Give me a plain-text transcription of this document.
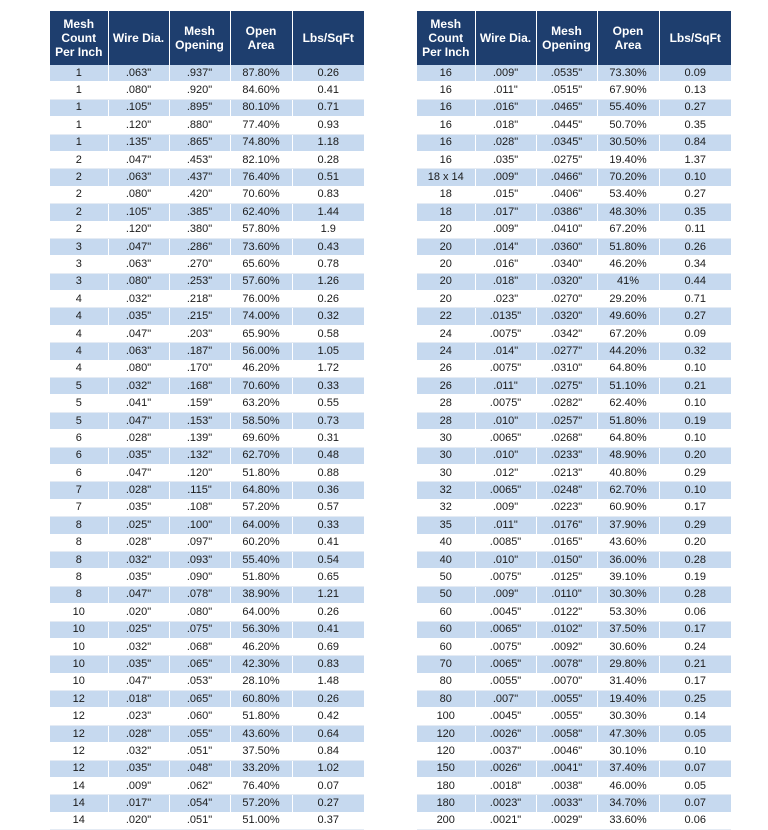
Mesh Count Per Inch	Wire Dia.	Mesh Opening	Open Area	Lbs/SqFt
1	.063"	.937"	87.80%	0.26
1	.080"	.920"	84.60%	0.41
1	.105"	.895"	80.10%	0.71
1	.120"	.880"	77.40%	0.93
1	.135"	.865"	74.80%	1.18
2	.047"	.453"	82.10%	0.28
2	.063"	.437"	76.40%	0.51
2	.080"	.420"	70.60%	0.83
2	.105"	.385"	62.40%	1.44
2	.120"	.380"	57.80%	1.9
3	.047"	.286"	73.60%	0.43
3	.063"	.270"	65.60%	0.78
3	.080"	.253"	57.60%	1.26
4	.032"	.218"	76.00%	0.26
4	.035"	.215"	74.00%	0.32
4	.047"	.203"	65.90%	0.58
4	.063"	.187"	56.00%	1.05
4	.080"	.170"	46.20%	1.72
5	.032"	.168"	70.60%	0.33
5	.041"	.159"	63.20%	0.55
5	.047"	.153"	58.50%	0.73
6	.028"	.139"	69.60%	0.31
6	.035"	.132"	62.70%	0.48
6	.047"	.120"	51.80%	0.88
7	.028"	.115"	64.80%	0.36
7	.035"	.108"	57.20%	0.57
8	.025"	.100"	64.00%	0.33
8	.028"	.097"	60.20%	0.41
8	.032"	.093"	55.40%	0.54
8	.035"	.090"	51.80%	0.65
8	.047"	.078"	38.90%	1.21
10	.020"	.080"	64.00%	0.26
10	.025"	.075"	56.30%	0.41
10	.032"	.068"	46.20%	0.69
10	.035"	.065"	42.30%	0.83
10	.047"	.053"	28.10%	1.48
12	.018"	.065"	60.80%	0.26
12	.023"	.060"	51.80%	0.42
12	.028"	.055"	43.60%	0.64
12	.032"	.051"	37.50%	0.84
12	.035"	.048"	33.20%	1.02
14	.009"	.062"	76.40%	0.07
14	.017"	.054"	57.20%	0.27
14	.020"	.051"	51.00%	0.37
Mesh Count Per Inch	Wire Dia.	Mesh Opening	Open Area	Lbs/SqFt
16	.009"	.0535"	73.30%	0.09
16	.011"	.0515"	67.90%	0.13
16	.016"	.0465"	55.40%	0.27
16	.018"	.0445"	50.70%	0.35
16	.028"	.0345"	30.50%	0.84
16	.035"	.0275"	19.40%	1.37
18 x 14	.009"	.0466"	70.20%	0.10
18	.015"	.0406"	53.40%	0.27
18	.017"	.0386"	48.30%	0.35
20	.009"	.0410"	67.20%	0.11
20	.014"	.0360"	51.80%	0.26
20	.016"	.0340"	46.20%	0.34
20	.018"	.0320"	41%	0.44
20	.023"	.0270"	29.20%	0.71
22	.0135"	.0320"	49.60%	0.27
24	.0075"	.0342"	67.20%	0.09
24	.014"	.0277"	44.20%	0.32
26	.0075"	.0310"	64.80%	0.10
26	.011"	.0275"	51.10%	0.21
28	.0075"	.0282"	62.40%	0.10
28	.010"	.0257"	51.80%	0.19
30	.0065"	.0268"	64.80%	0.10
30	.010"	.0233"	48.90%	0.20
30	.012"	.0213"	40.80%	0.29
32	.0065"	.0248"	62.70%	0.10
32	.009"	.0223"	60.90%	0.17
35	.011"	.0176"	37.90%	0.29
40	.0085"	.0165"	43.60%	0.20
40	.010"	.0150"	36.00%	0.28
50	.0075"	.0125"	39.10%	0.19
50	.009"	.0110"	30.30%	0.28
60	.0045"	.0122"	53.30%	0.06
60	.0065"	.0102"	37.50%	0.17
60	.0075"	.0092"	30.60%	0.24
70	.0065"	.0078"	29.80%	0.21
80	.0055"	.0070"	31.40%	0.17
80	.007"	.0055"	19.40%	0.25
100	.0045"	.0055"	30.30%	0.14
120	.0026"	.0058"	47.30%	0.05
120	.0037"	.0046"	30.10%	0.10
150	.0026"	.0041"	37.40%	0.07
180	.0018"	.0038"	46.00%	0.05
180	.0023"	.0033"	34.70%	0.07
200	.0021"	.0029"	33.60%	0.06
